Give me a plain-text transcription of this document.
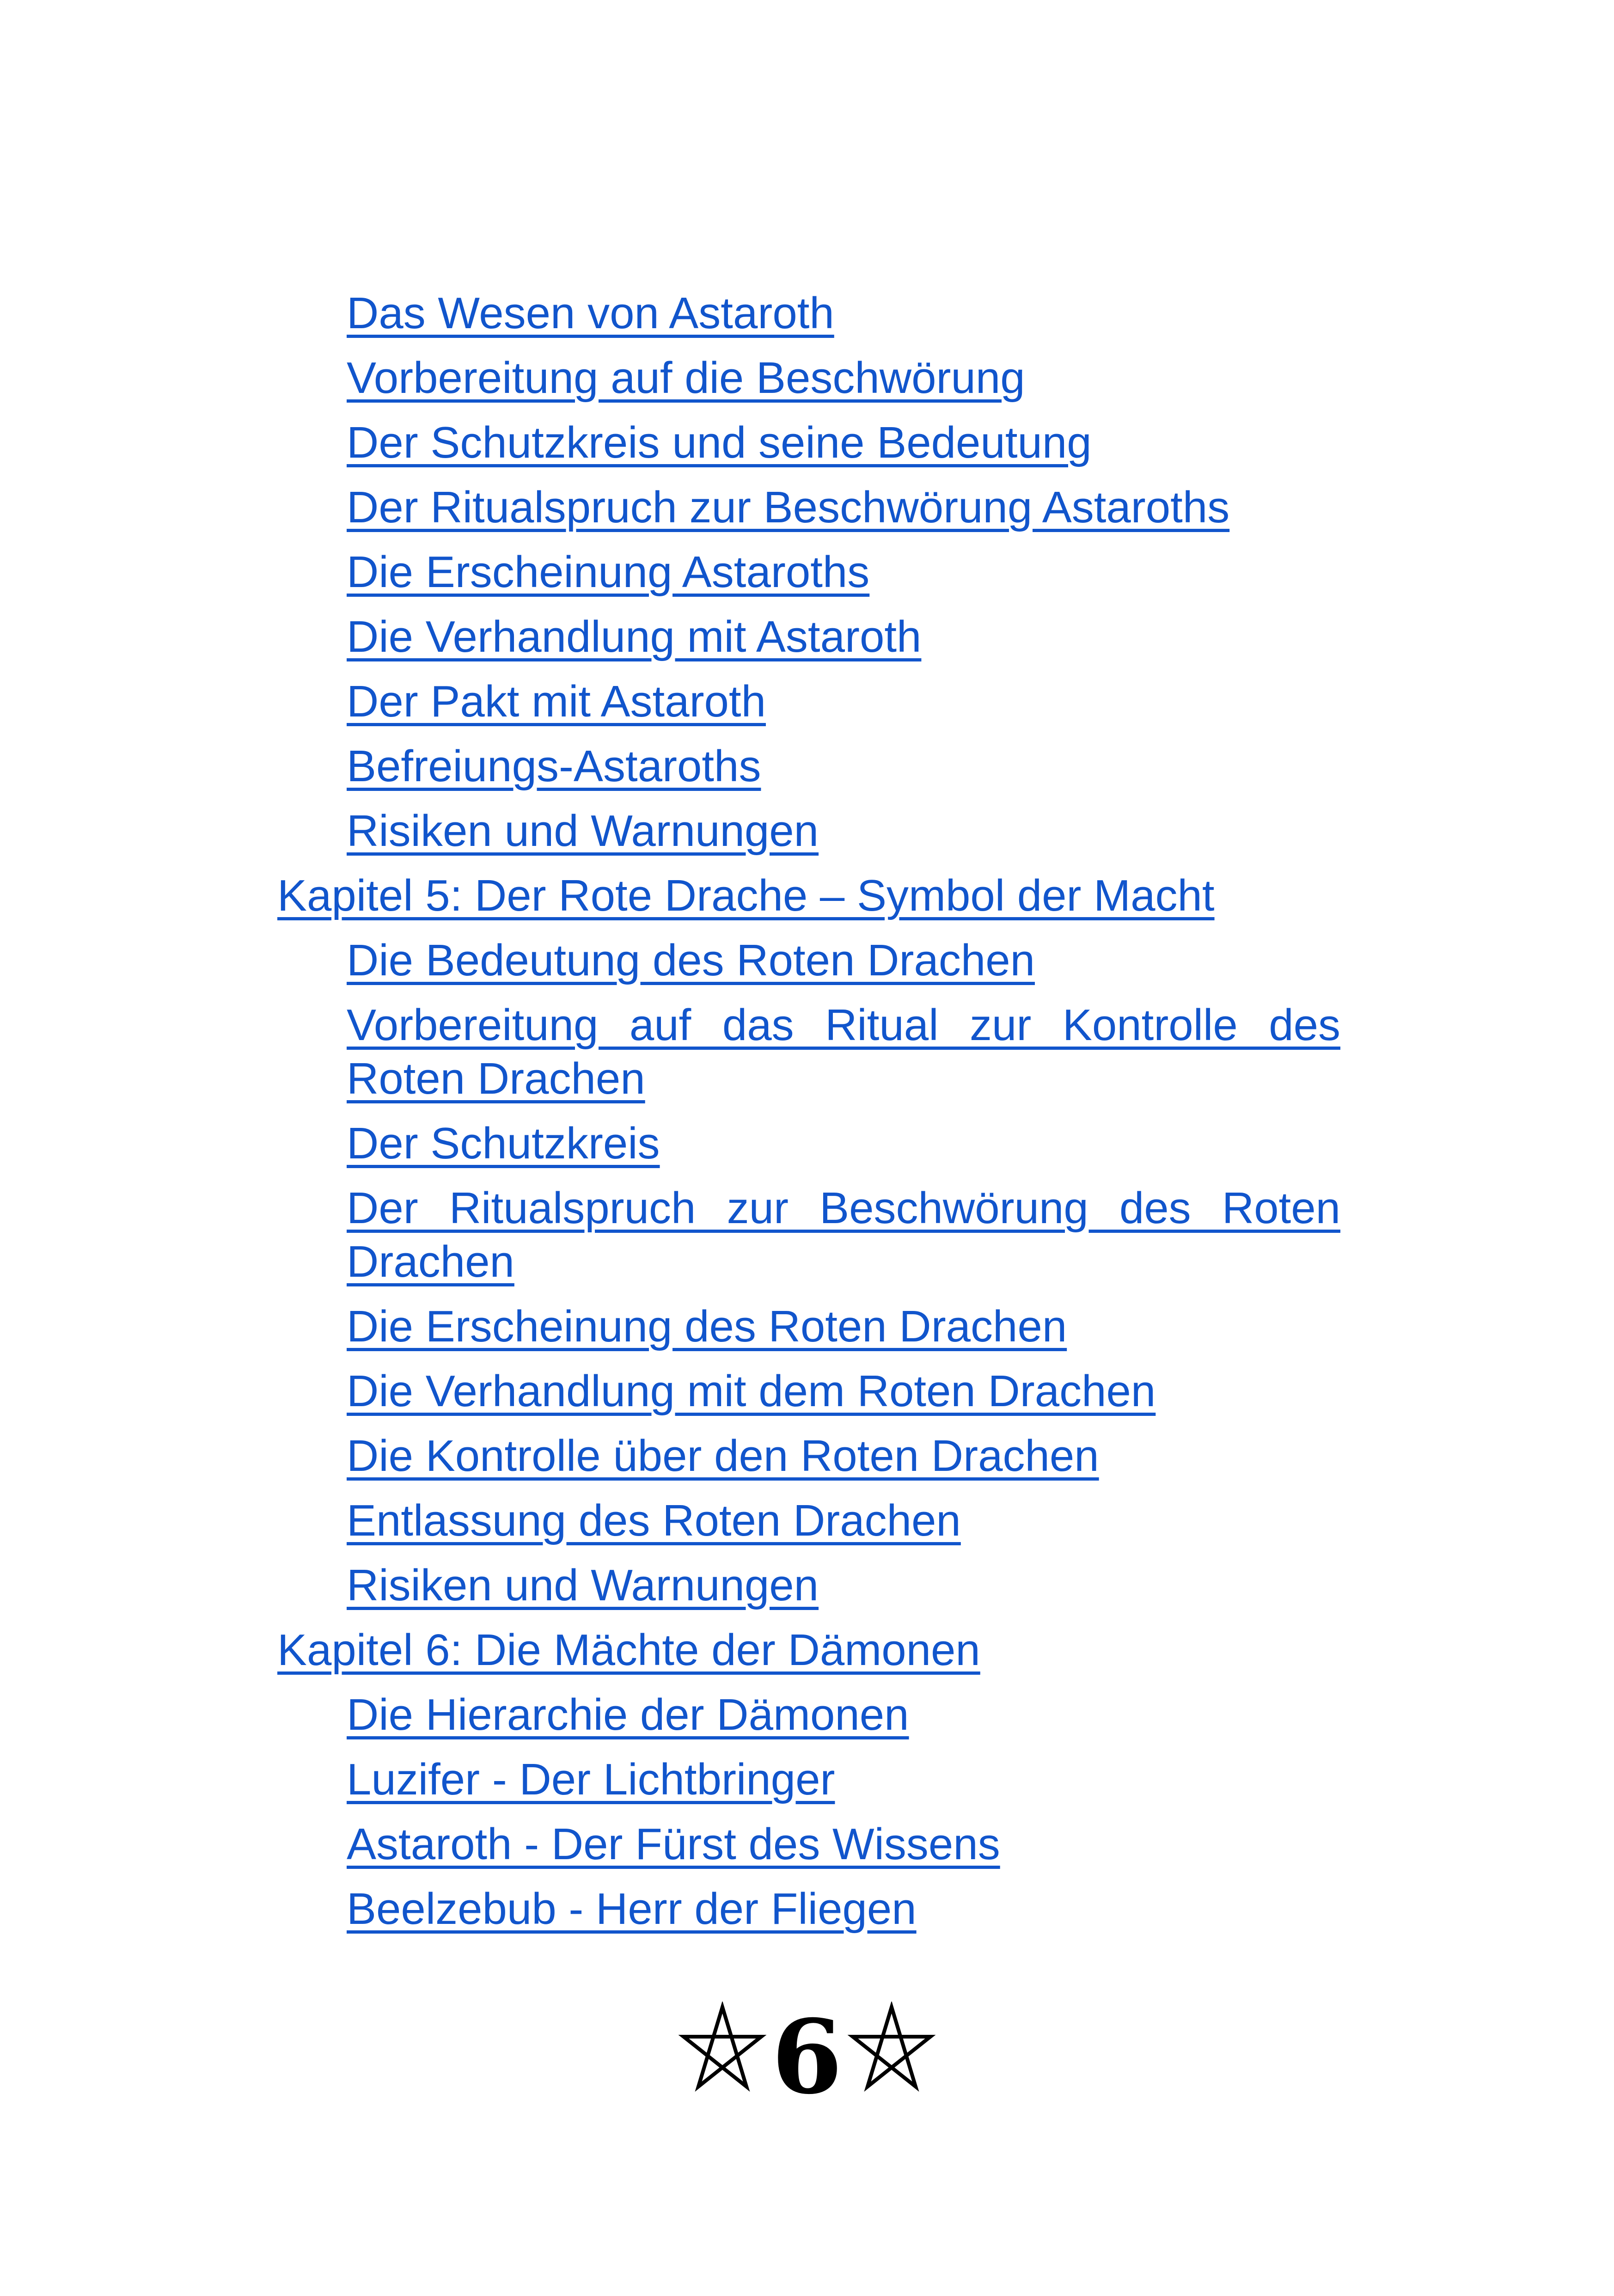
Das Wesen von Astaroth
Vorbereitung auf die Beschwörung
Der Schutzkreis und seine Bedeutung
Der Ritualspruch zur Beschwörung Astaroths
Die Erscheinung Astaroths
Die Verhandlung mit Astaroth
Der Pakt mit Astaroth
Befreiungs-Astaroths
Risiken und Warnungen
Kapitel 5: Der Rote Drache – Symbol der Macht
Die Bedeutung des Roten Drachen
Vorbereitung auf das Ritual zur Kontrolle des Roten Drachen
Der Schutzkreis
Der Ritualspruch zur Beschwörung des Roten Drachen
Die Erscheinung des Roten Drachen
Die Verhandlung mit dem Roten Drachen
Die Kontrolle über den Roten Drachen
Entlassung des Roten Drachen
Risiken und Warnungen
Kapitel 6: Die Mächte der Dämonen
Die Hierarchie der Dämonen
Luzifer - Der Lichtbringer
Astaroth - Der Fürst des Wissens
Beelzebub - Herr der Fliegen
6
